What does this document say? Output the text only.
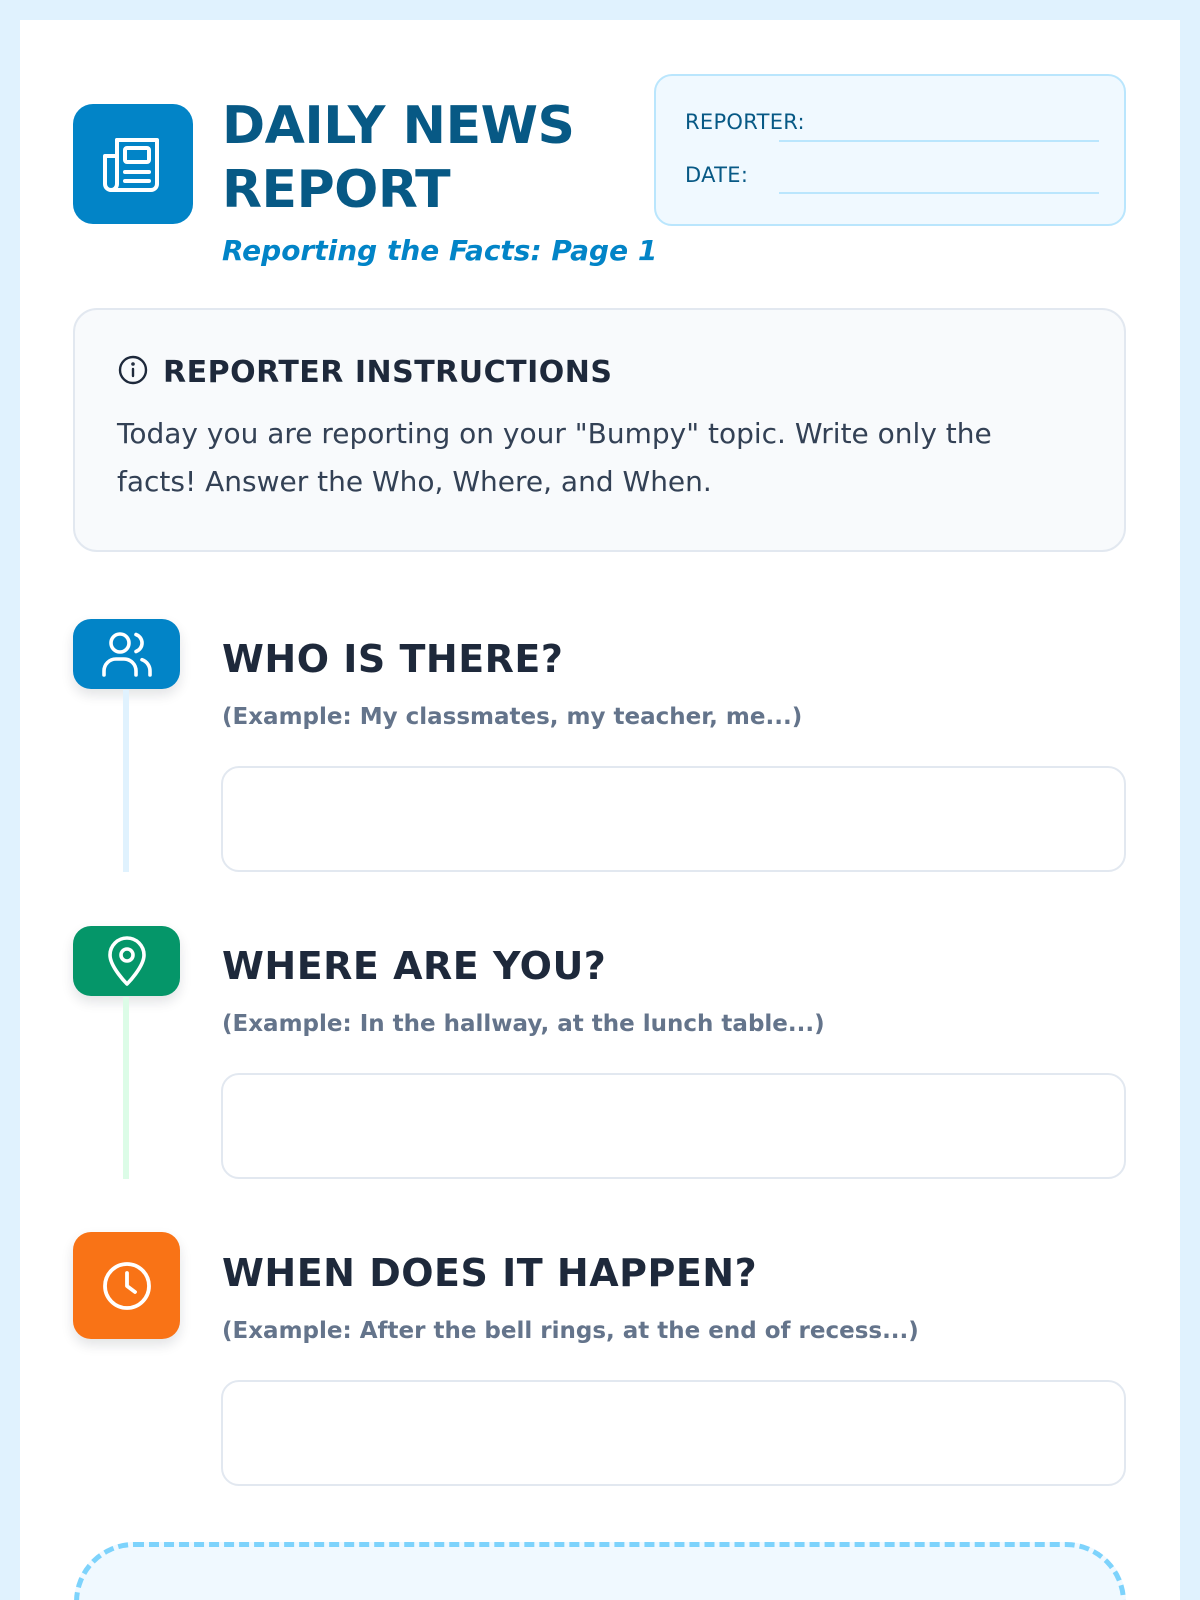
DAILY NEWS
REPORT
Reporting the Facts: Page 1
REPORTER:
DATE:
REPORTER INSTRUCTIONS
Today you are reporting on your "Bumpy" topic. Write only the facts! Answer the Who, Where, and When.
WHO IS THERE?
(Example: My classmates, my teacher, me...)
WHERE ARE YOU?
(Example: In the hallway, at the lunch table...)
WHEN DOES IT HAPPEN?
(Example: After the bell rings, at the end of recess...)
